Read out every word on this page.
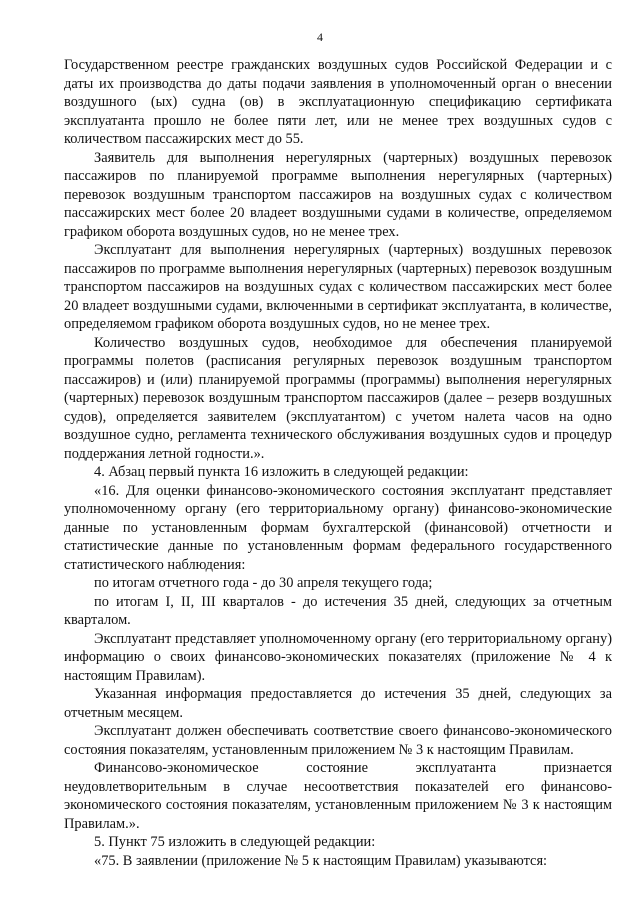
4

Государственном реестре гражданских воздушных судов Российской Федерации и с даты их производства до даты подачи заявления в уполномоченный орган о внесении воздушного (ых) судна (ов) в эксплуатационную спецификацию сертификата эксплуатанта прошло не более пяти лет, или не менее трех воздушных судов с количеством пассажирских мест до 55.

Заявитель для выполнения нерегулярных (чартерных) воздушных перевозок пассажиров по планируемой программе выполнения нерегулярных (чартерных) перевозок воздушным транспортом пассажиров на воздушных судах с количеством пассажирских мест более 20 владеет воздушными судами в количестве, определяемом графиком оборота воздушных судов, но не менее трех.

Эксплуатант для выполнения нерегулярных (чартерных) воздушных перевозок пассажиров по программе выполнения нерегулярных (чартерных) перевозок воздушным транспортом пассажиров на воздушных судах с количеством пассажирских мест более 20 владеет воздушными судами, включенными в сертификат эксплуатанта, в количестве, определяемом графиком оборота воздушных судов, но не менее трех.

Количество воздушных судов, необходимое для обеспечения планируемой программы полетов (расписания регулярных перевозок воздушным транспортом пассажиров) и (или) планируемой программы (программы) выполнения нерегулярных (чартерных) перевозок воздушным транспортом пассажиров (далее – резерв воздушных судов), определяется заявителем (эксплуатантом) с учетом налета часов на одно воздушное судно, регламента технического обслуживания воздушных судов и процедур поддержания летной годности.».

4. Абзац первый пункта 16 изложить в следующей редакции:

«16. Для оценки финансово-экономического состояния эксплуатант представляет уполномоченному органу (его территориальному органу) финансово-экономические данные по установленным формам бухгалтерской (финансовой) отчетности и статистические данные по установленным формам федерального государственного статистического наблюдения:

по итогам отчетного года - до 30 апреля текущего года;

по итогам I, II, III кварталов - до истечения 35 дней, следующих за отчетным кварталом.

Эксплуатант представляет уполномоченному органу (его территориальному органу) информацию о своих финансово-экономических показателях (приложение № 4 к настоящим Правилам).

Указанная информация предоставляется до истечения 35 дней, следующих за отчетным месяцем.

Эксплуатант должен обеспечивать соответствие своего финансово-экономического состояния показателям, установленным приложением № 3 к настоящим Правилам.

Финансово-экономическое состояние эксплуатанта признается неудовлетворительным в случае несоответствия показателей его финансово-экономического состояния показателям, установленным приложением № 3 к настоящим Правилам.».

5. Пункт 75 изложить в следующей редакции:

«75. В заявлении (приложение № 5 к настоящим Правилам) указываются:
